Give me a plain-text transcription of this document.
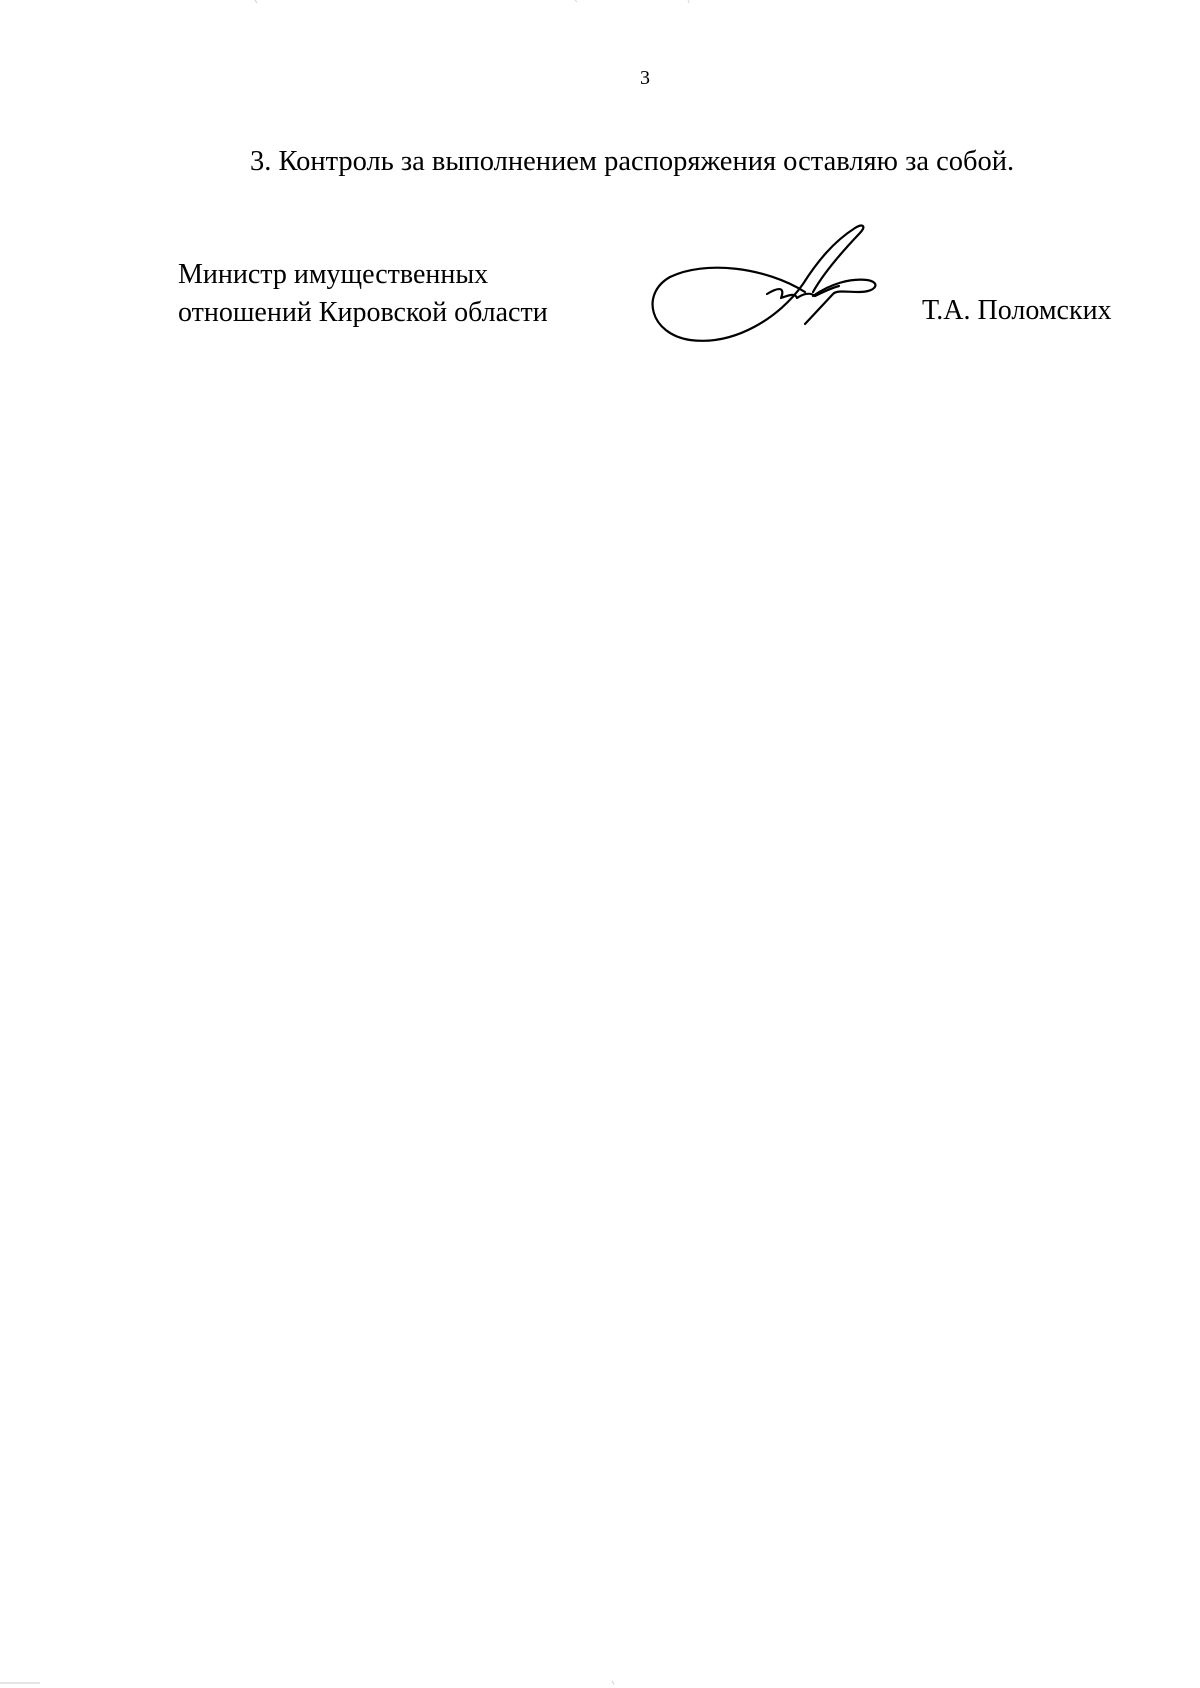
3
3. Контроль за выполнением распоряжения оставляю за собой.
Министр имущественных
отношений Кировской области	Т.А. Поломских
